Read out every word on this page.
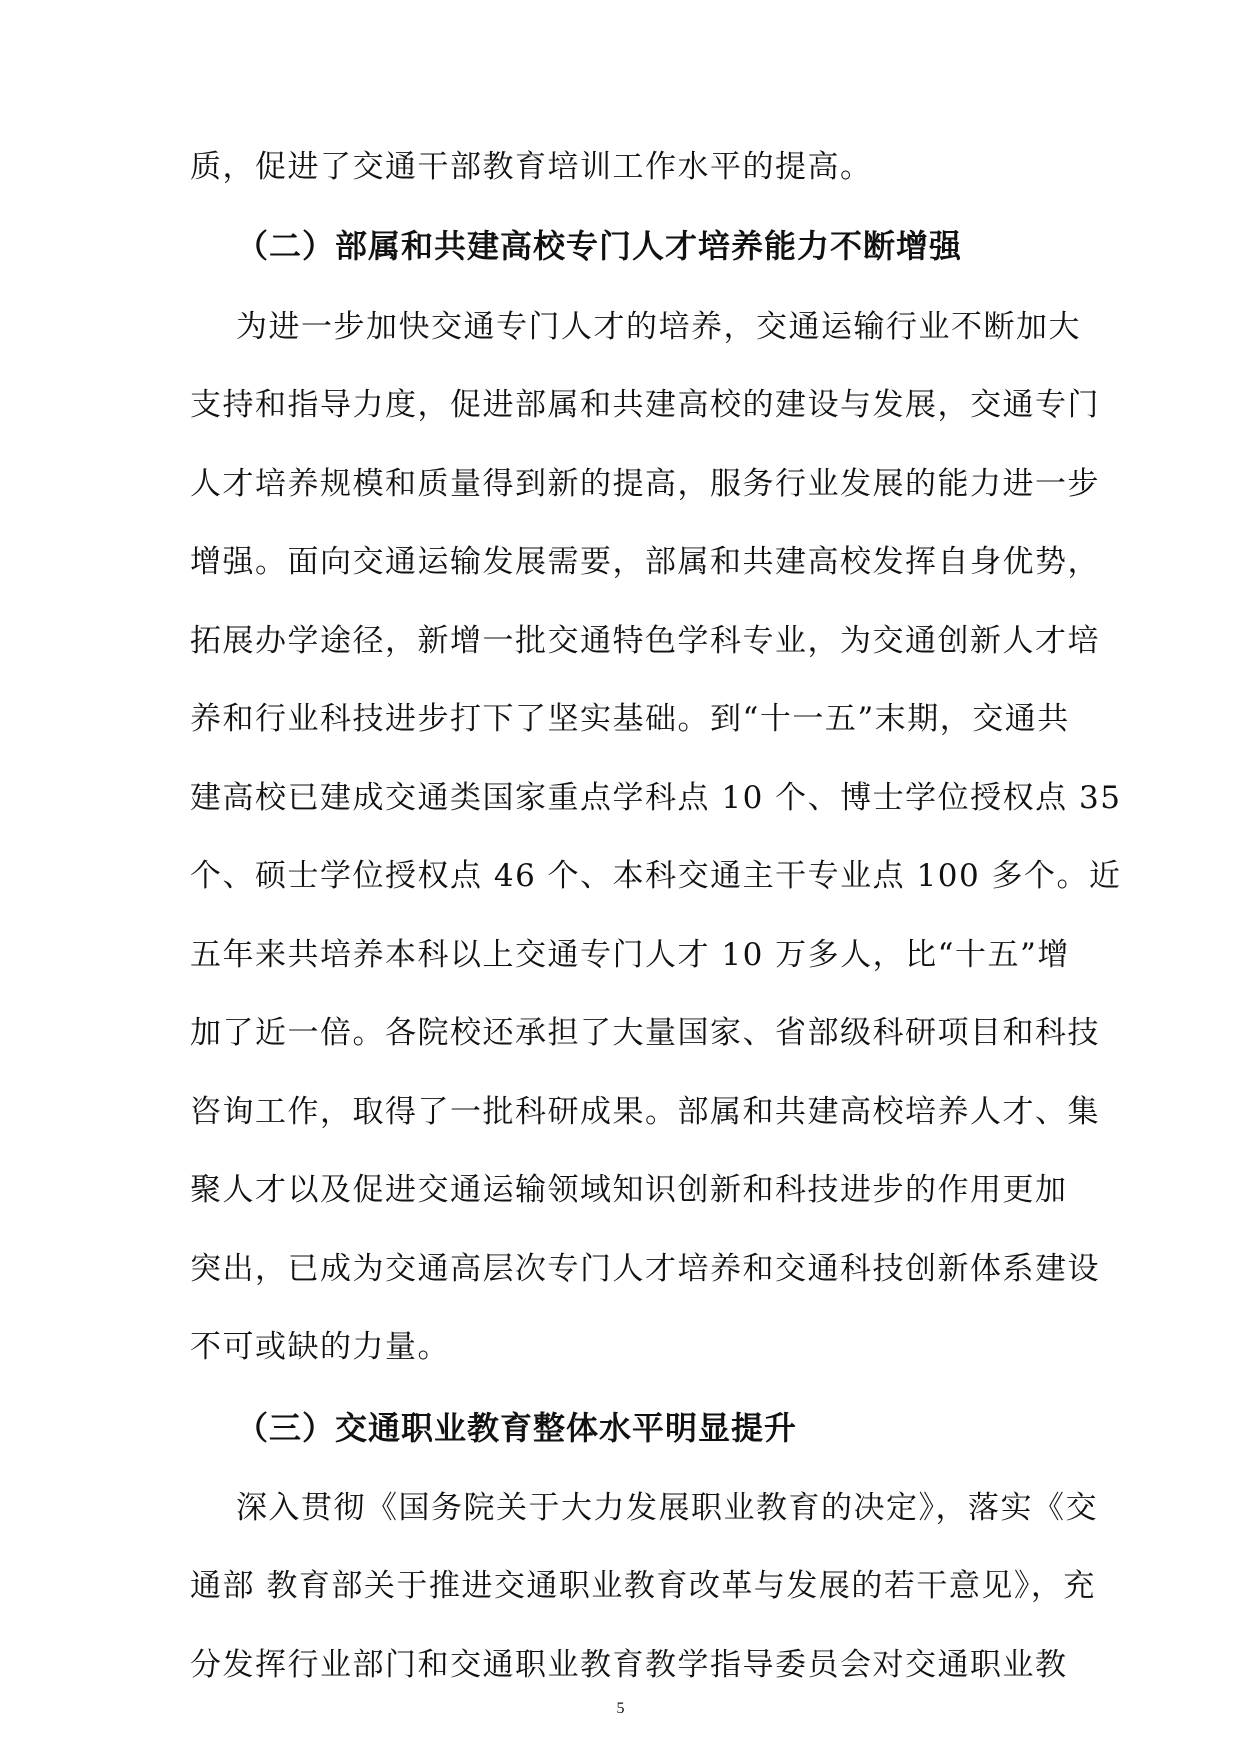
质，促进了交通干部教育培训工作水平的提高。
（二）部属和共建高校专门人才培养能力不断增强
为进一步加快交通专门人才的培养，交通运输行业不断加大
支持和指导力度，促进部属和共建高校的建设与发展，交通专门
人才培养规模和质量得到新的提高，服务行业发展的能力进一步
增强。面向交通运输发展需要，部属和共建高校发挥自身优势，
拓展办学途径，新增一批交通特色学科专业，为交通创新人才培
养和行业科技进步打下了坚实基础。到“十一五”末期，交通共
建高校已建成交通类国家重点学科点 10 个、博士学位授权点 35
个、硕士学位授权点 46 个、本科交通主干专业点 100 多个。近
五年来共培养本科以上交通专门人才 10 万多人，比“十五”增
加了近一倍。各院校还承担了大量国家、省部级科研项目和科技
咨询工作，取得了一批科研成果。部属和共建高校培养人才、集
聚人才以及促进交通运输领域知识创新和科技进步的作用更加
突出，已成为交通高层次专门人才培养和交通科技创新体系建设
不可或缺的力量。
（三）交通职业教育整体水平明显提升
深入贯彻《国务院关于大力发展职业教育的决定》，落实《交
通部 教育部关于推进交通职业教育改革与发展的若干意见》，充
分发挥行业部门和交通职业教育教学指导委员会对交通职业教
5
